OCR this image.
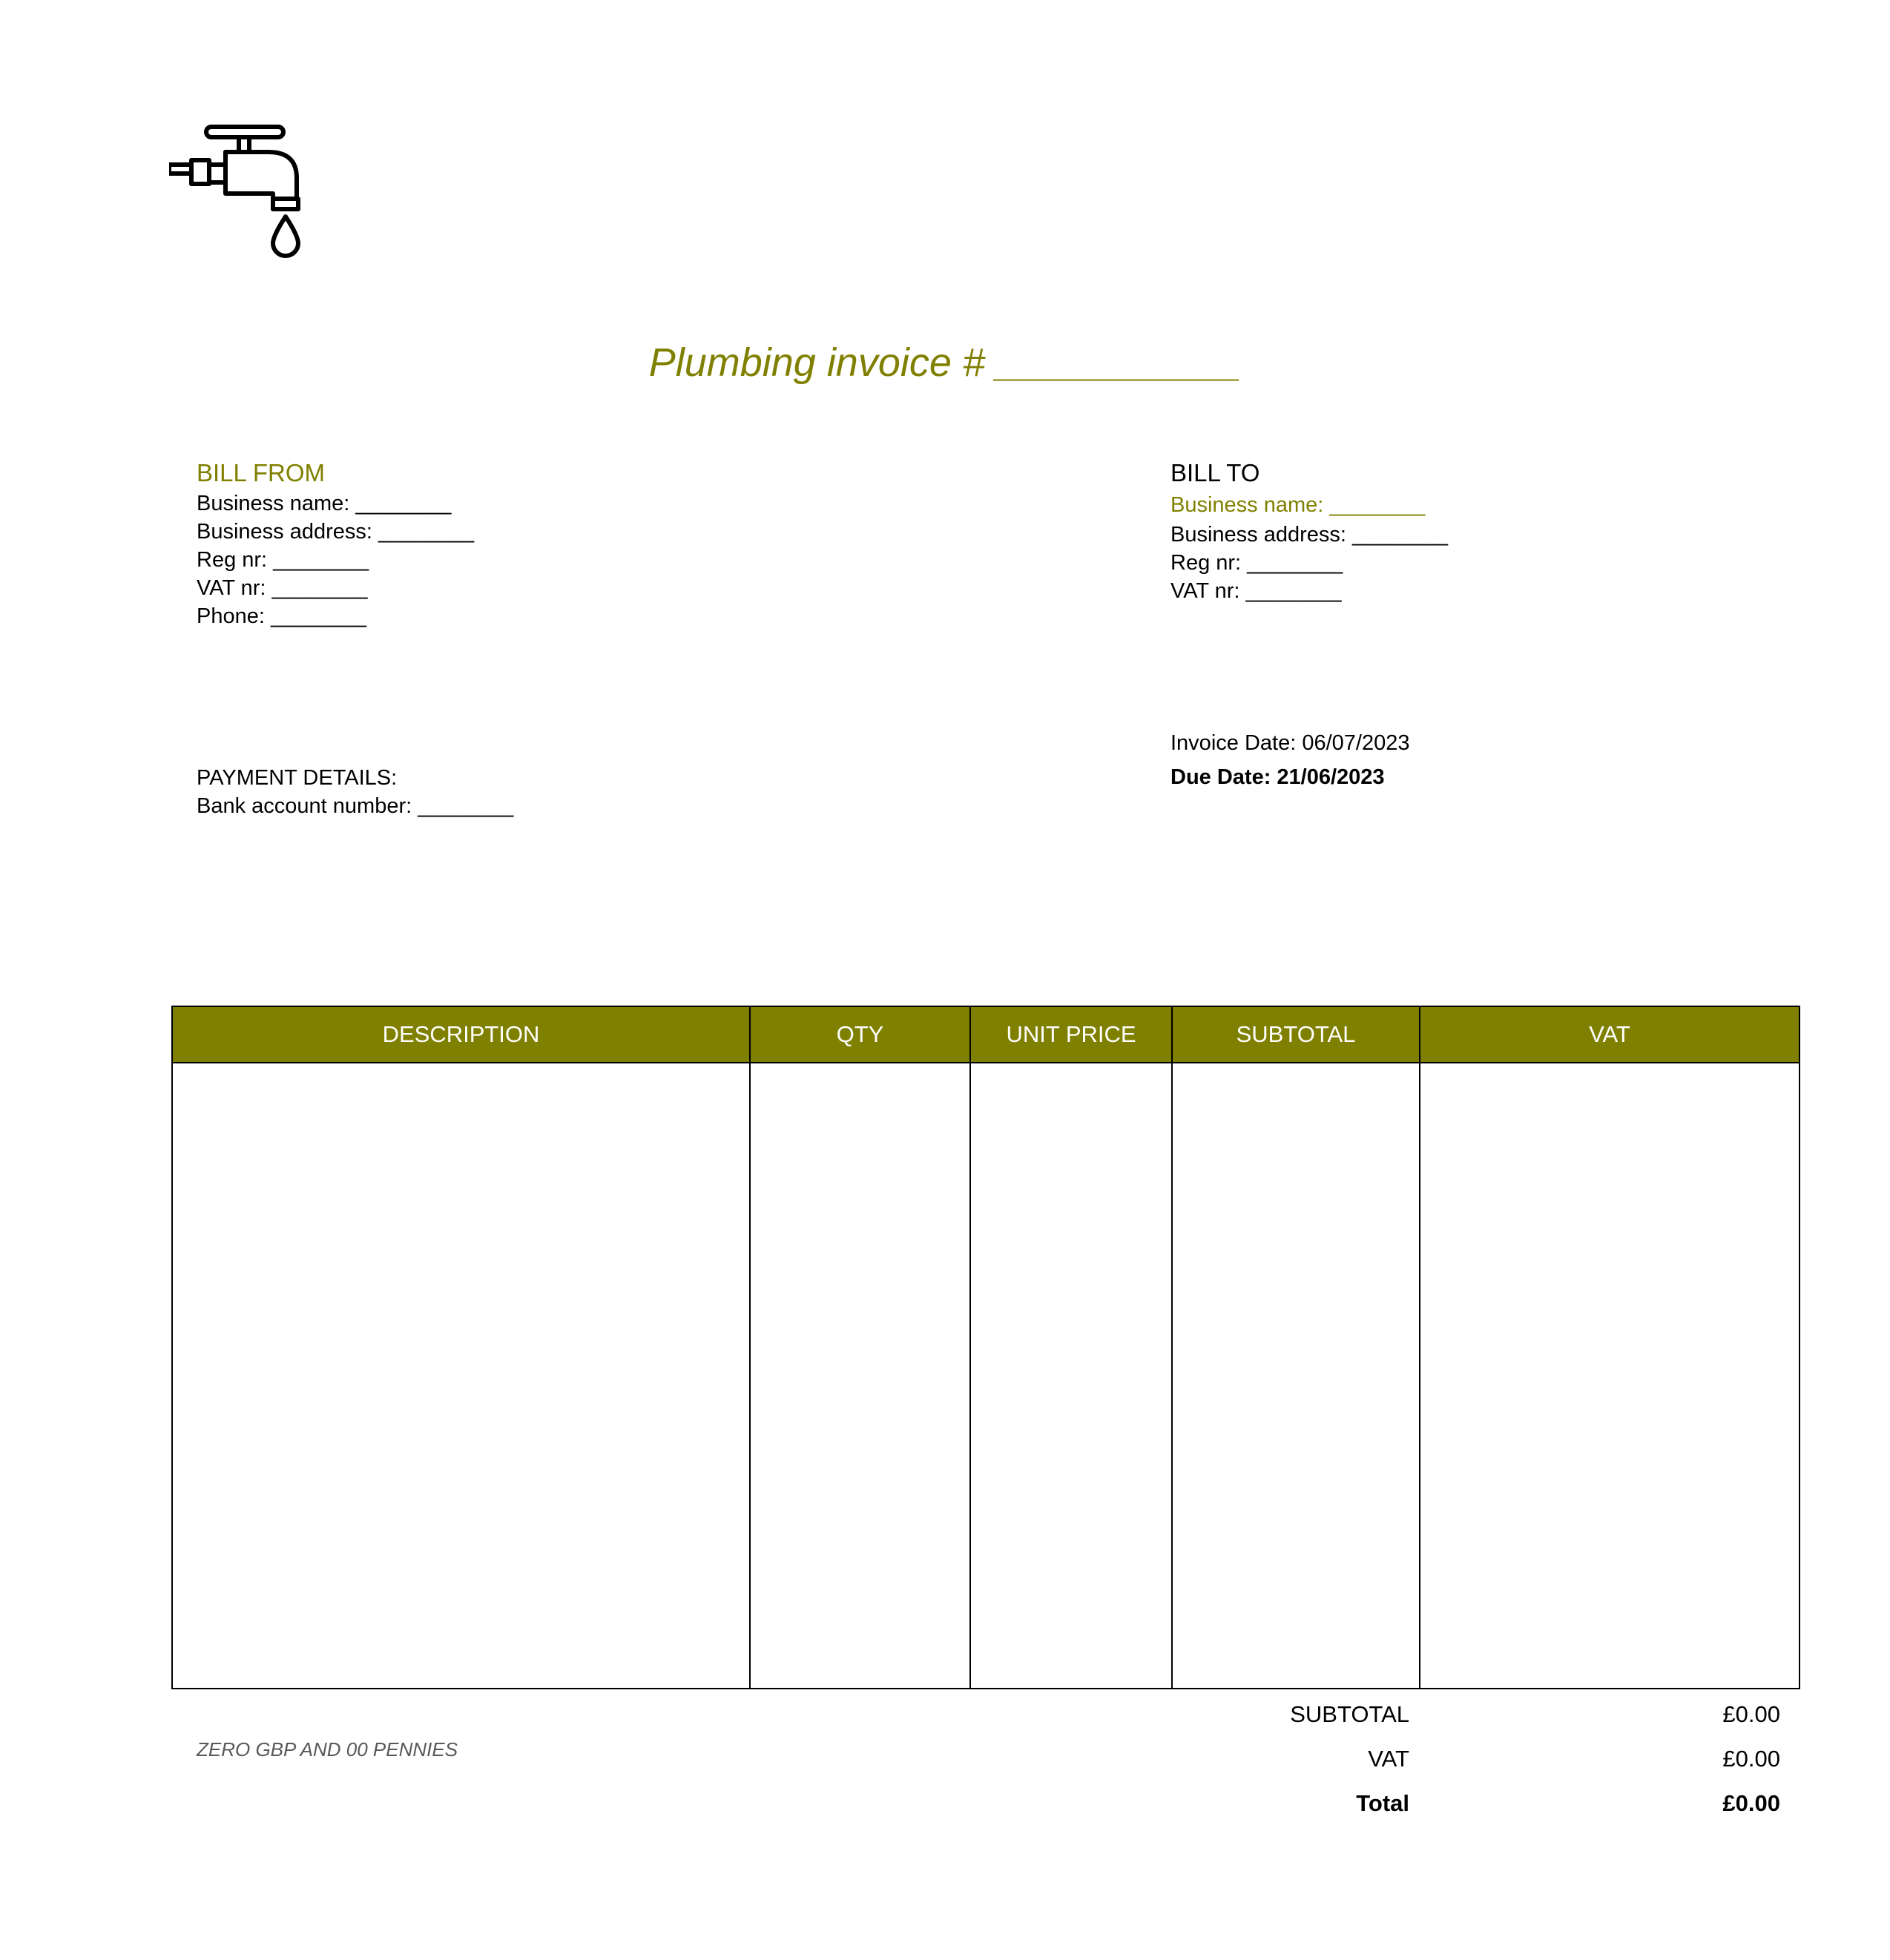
Plumbing invoice # ___________
BILL FROM
Business name: ________
Business address: ________
Reg nr: ________
VAT nr: ________
Phone: ________
BILL TO
Business name: ________
Business address: ________
Reg nr: ________
VAT nr: ________
PAYMENT DETAILS:
Bank account number: ________
Invoice Date: 06/07/2023
Due Date: 21/06/2023
DESCRIPTION	QTY	UNIT PRICE	SUBTOTAL	VAT

ZERO GBP AND 00 PENNIES
SUBTOTAL	£0.00
VAT	£0.00
Total	£0.00
